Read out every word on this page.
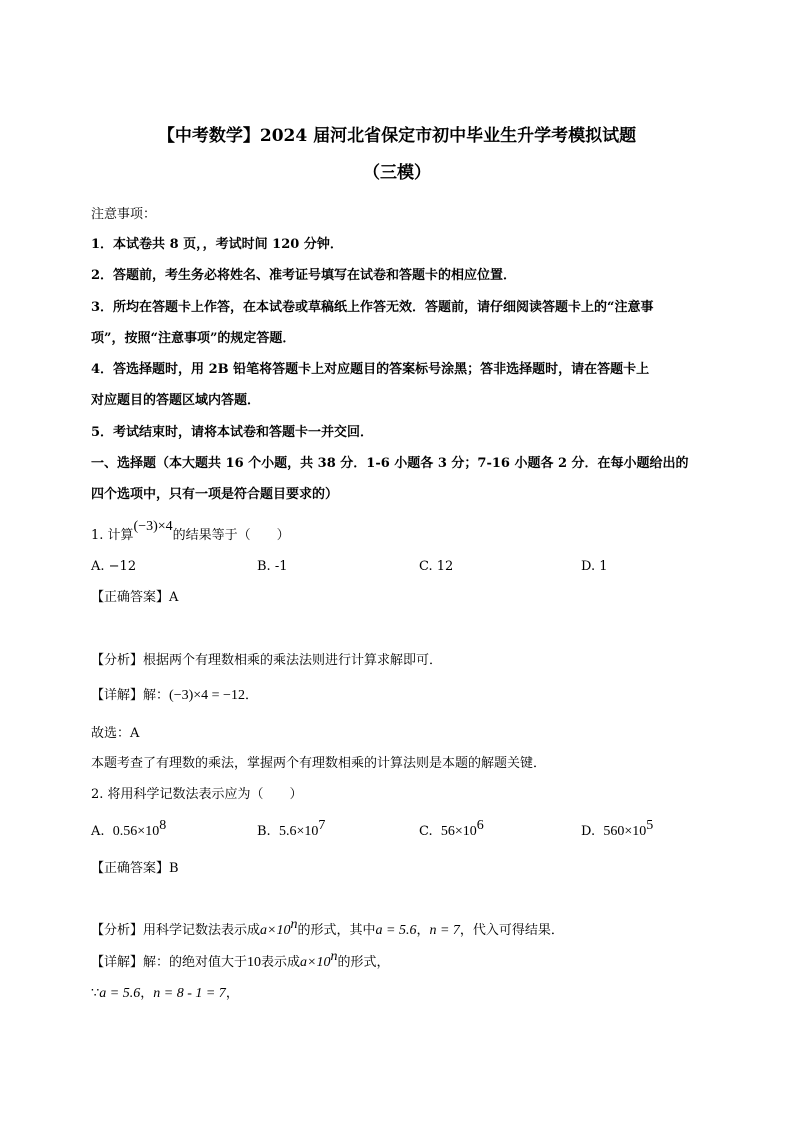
【中考数学】2024 届河北省保定市初中毕业生升学考模拟试题
（三模）
注意事项：
1．本试卷共 8 页，，考试时间 120 分钟．
2．答题前，考生务必将姓名、准考证号填写在试卷和答题卡的相应位置．
3．所均在答题卡上作答，在本试卷或草稿纸上作答无效．答题前，请仔细阅读答题卡上的“注意事
项”，按照“注意事项”的规定答题．
4．答选择题时，用 2B 铅笔将答题卡上对应题目的答案标号涂黑；答非选择题时，请在答题卡上
对应题目的答题区域内答题．
5．考试结束时，请将本试卷和答题卡一并交回．
一、选择题（本大题共 16 个小题，共 38 分．1-6 小题各 3 分；7-16 小题各 2 分．在每小题给出的
四个选项中，只有一项是符合题目要求的）
1. 计算(−3)×4的结果等于（　　）
A. −12	B. -1	C. 12	D. 1
【正确答案】A
【分析】根据两个有理数相乘的乘法法则进行计算求解即可．
【详解】解：(−3)×4 = −12．
故选：A
本题考查了有理数的乘法，掌握两个有理数相乘的计算法则是本题的解题关键．
2. 将用科学记数法表示应为（　　）
A. $0.56\times 10^8$	B. $5.6\times 10^7$	C. $56\times 10^6$	D. $560\times 10^5$
【正确答案】B
【分析】用科学记数法表示成$a\times 10^n$的形式，其中a = 5.6，n = 7，代入可得结果．
【详解】解：的绝对值大于10表示成$a\times 10^n$的形式，
∵a = 5.6，n = 8 - 1 = 7，
